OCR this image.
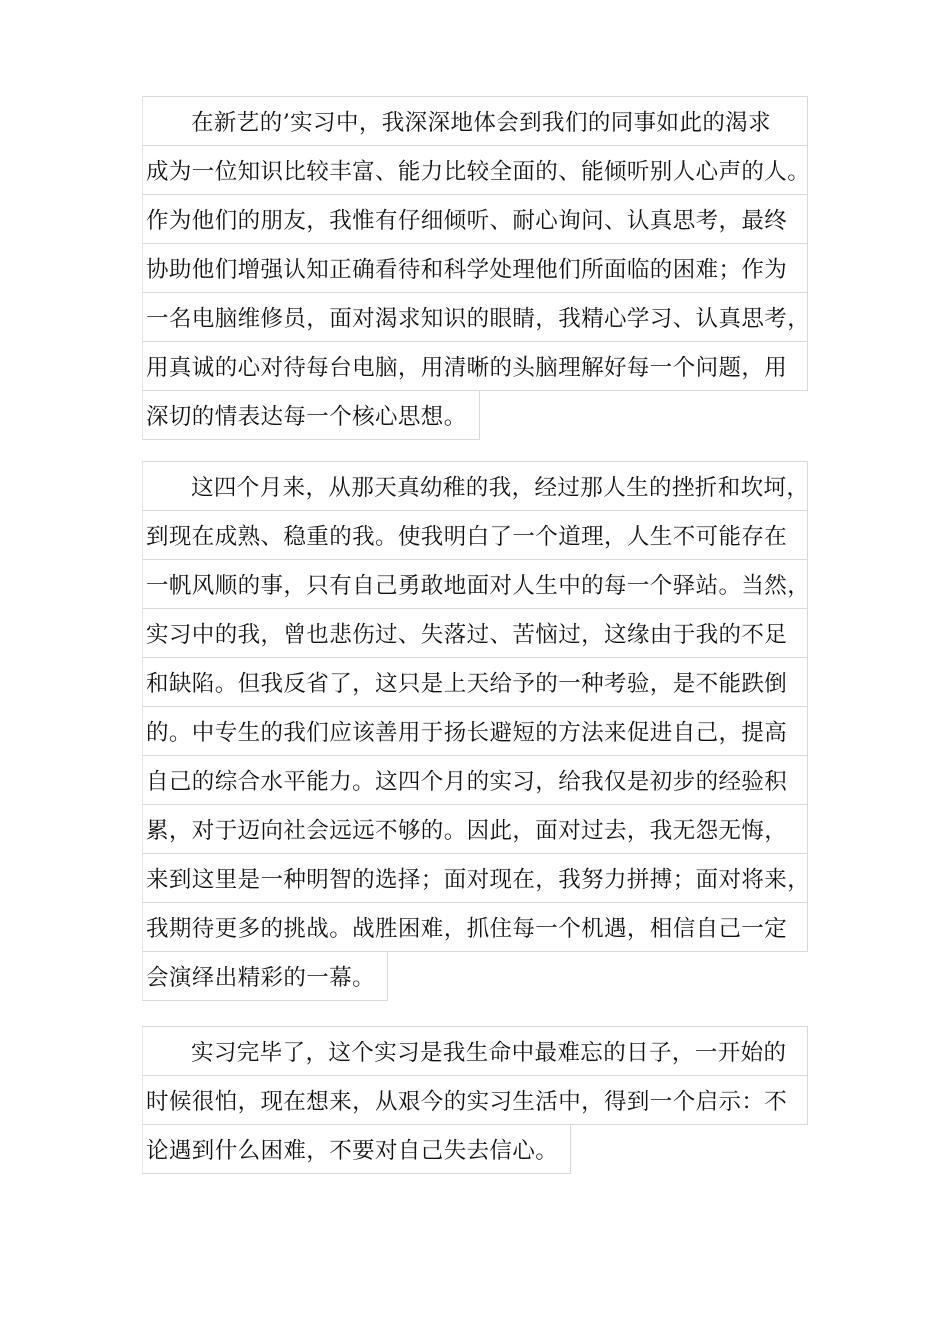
在新艺的’实习中，我深深地体会到我们的同事如此的渴求
成为一位知识比较丰富、能力比较全面的、能倾听别人心声的人。
作为他们的朋友，我惟有仔细倾听、耐心询问、认真思考，最终
协助他们增强认知正确看待和科学处理他们所面临的困难；作为
一名电脑维修员，面对渴求知识的眼睛，我精心学习、认真思考，
用真诚的心对待每台电脑，用清晰的头脑理解好每一个问题，用
深切的情表达每一个核心思想。
这四个月来，从那天真幼稚的我，经过那人生的挫折和坎坷，
到现在成熟、稳重的我。使我明白了一个道理，人生不可能存在
一帆风顺的事，只有自己勇敢地面对人生中的每一个驿站。当然，
实习中的我，曾也悲伤过、失落过、苦恼过，这缘由于我的不足
和缺陷。但我反省了，这只是上天给予的一种考验，是不能跌倒
的。中专生的我们应该善用于扬长避短的方法来促进自己，提高
自己的综合水平能力。这四个月的实习，给我仅是初步的经验积
累，对于迈向社会远远不够的。因此，面对过去，我无怨无悔，
来到这里是一种明智的选择；面对现在，我努力拼搏；面对将来，
我期待更多的挑战。战胜困难，抓住每一个机遇，相信自己一定
会演绎出精彩的一幕。
实习完毕了，这个实习是我生命中最难忘的日子，一开始的
时候很怕，现在想来，从艰今的实习生活中，得到一个启示：不
论遇到什么困难，不要对自己失去信心。
